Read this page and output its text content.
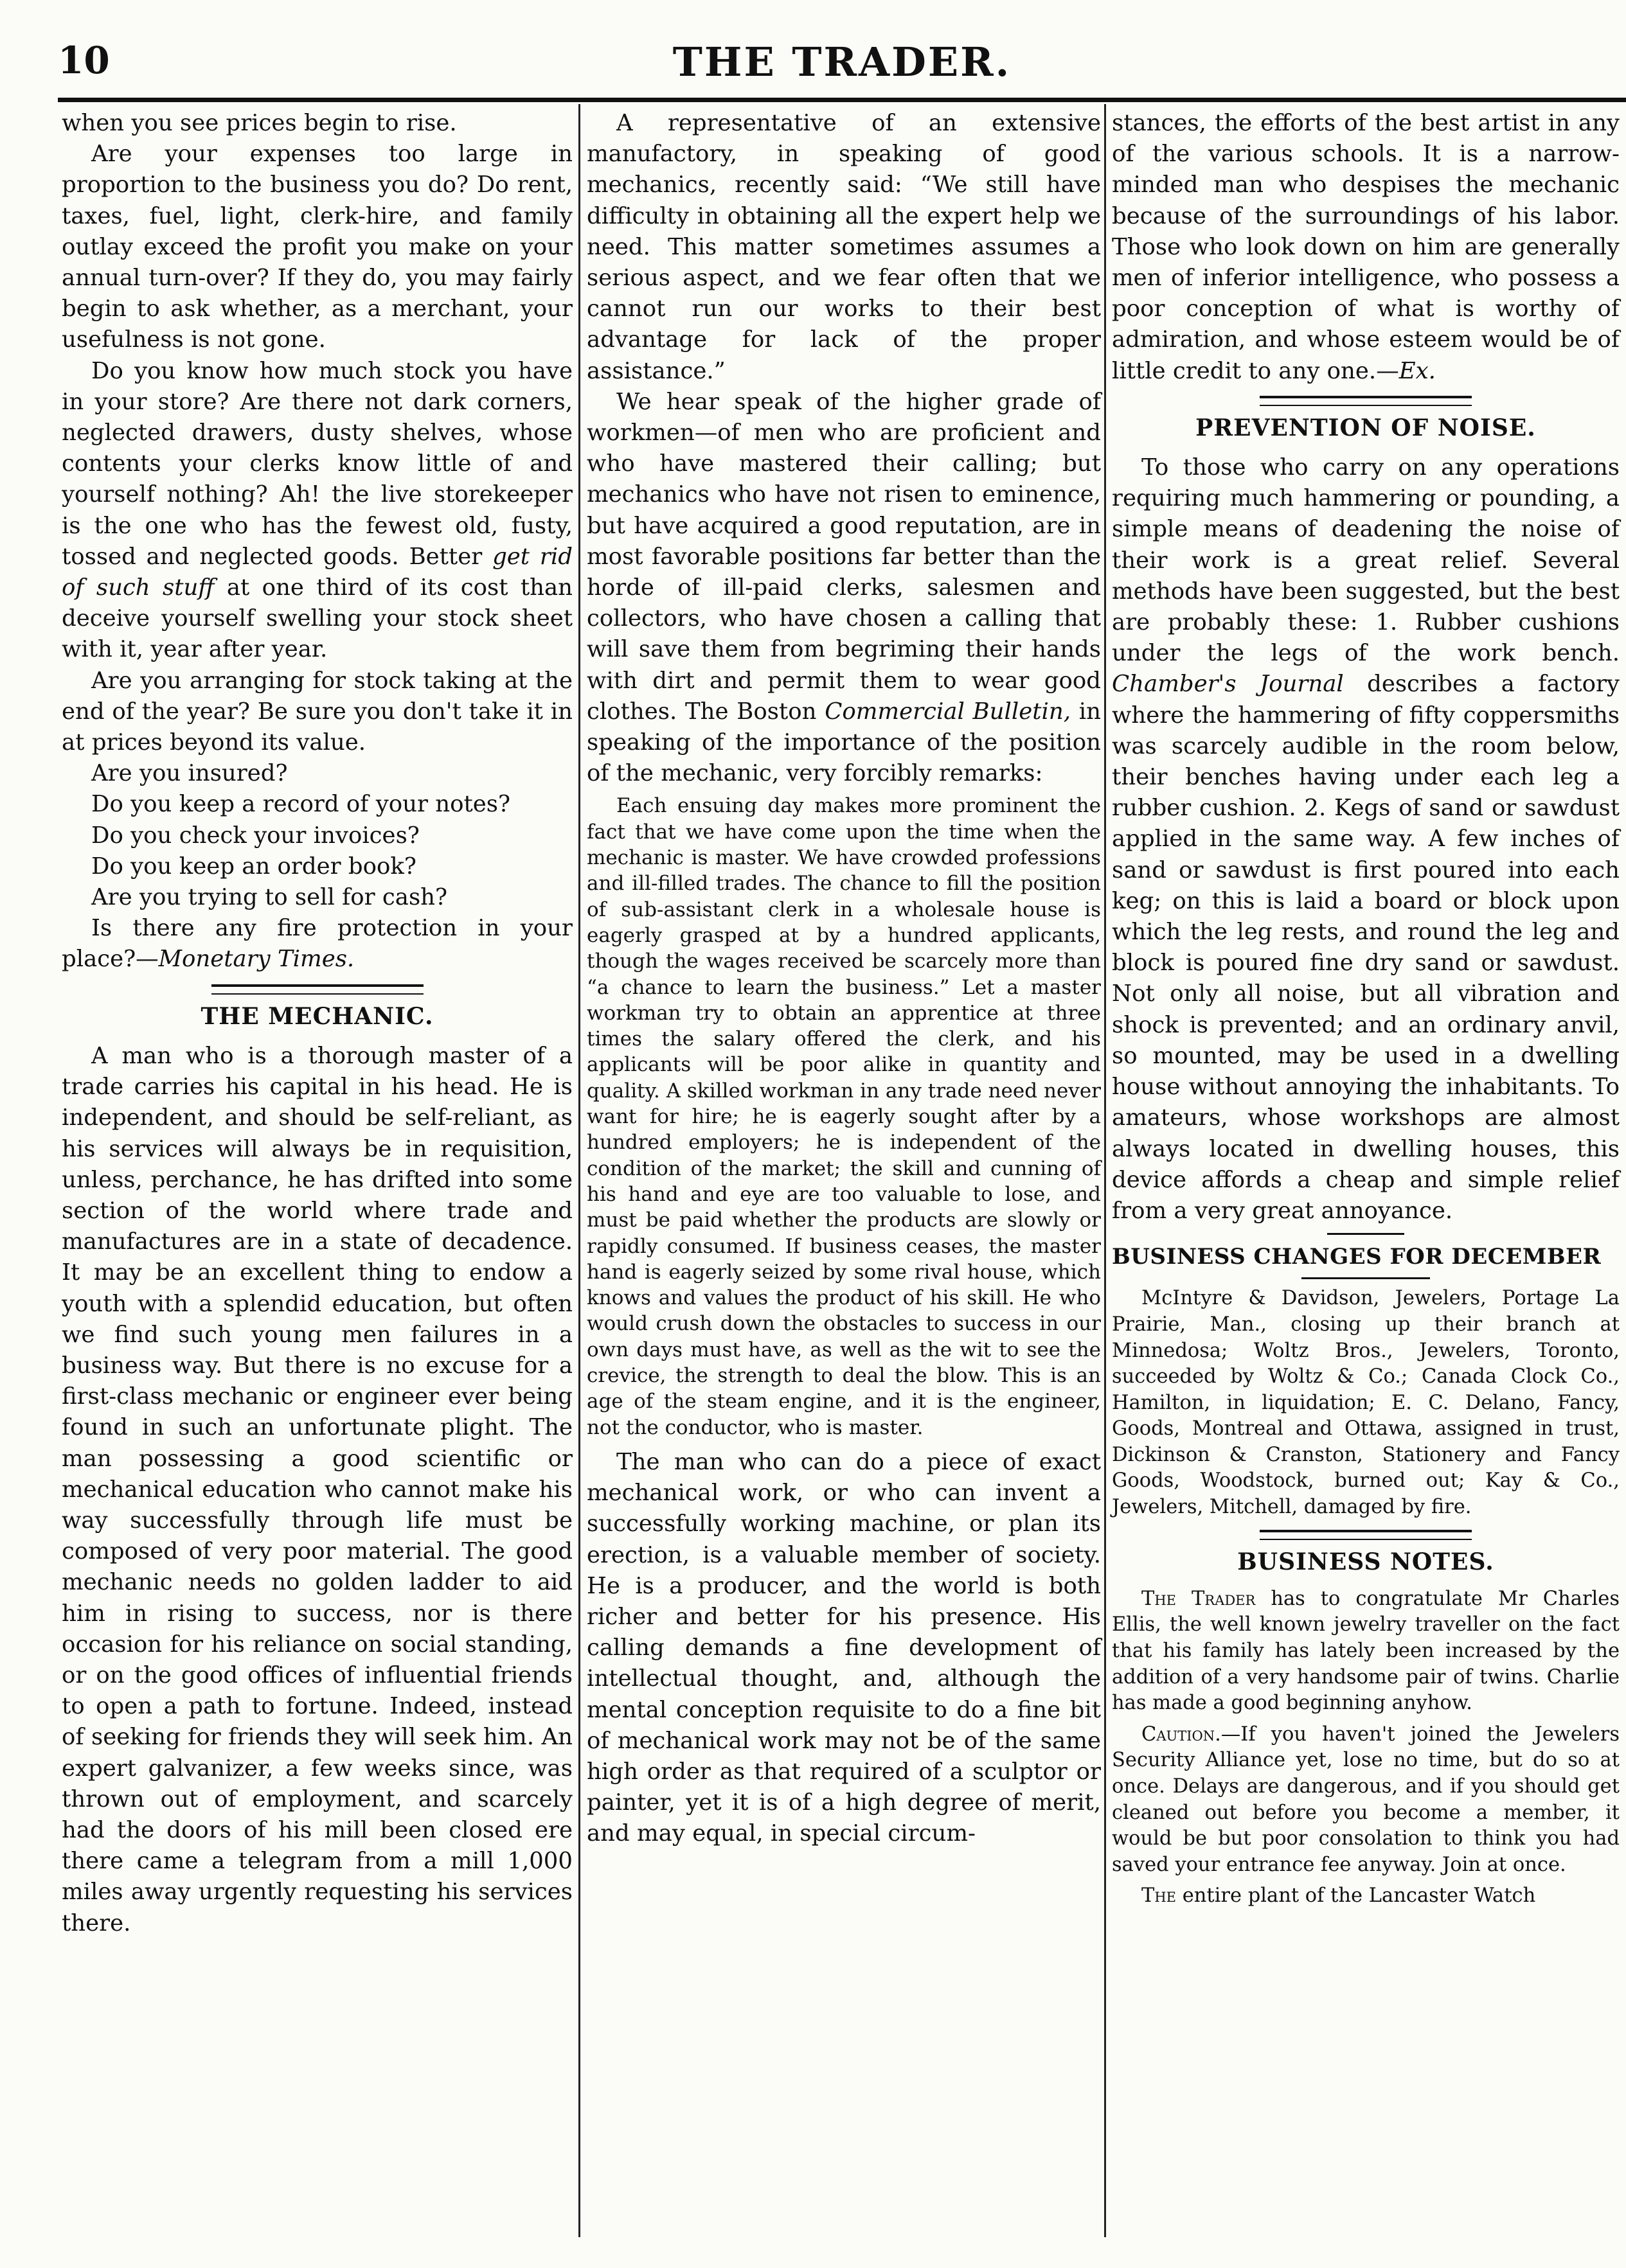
10	THE TRADER.

when you see prices begin to rise.

Are your expenses too large in proportion to the business you do? Do rent, taxes, fuel, light, clerk-hire, and family outlay exceed the profit you make on your annual turn-over? If they do, you may fairly begin to ask whether, as a merchant, your usefulness is not gone.

Do you know how much stock you have in your store? Are there not dark corners, neglected drawers, dusty shelves, whose contents your clerks know little of and yourself nothing? Ah! the live storekeeper is the one who has the fewest old, fusty, tossed and neglected goods. Better get rid of such stuff at one third of its cost than deceive yourself swelling your stock sheet with it, year after year.

Are you arranging for stock taking at the end of the year? Be sure you don't take it in at prices beyond its value.

Are you insured?

Do you keep a record of your notes?

Do you check your invoices?

Do you keep an order book?

Are you trying to sell for cash?

Is there any fire protection in your place?—Monetary Times.

THE MECHANIC.

A man who is a thorough master of a trade carries his capital in his head. He is independent, and should be self-reliant, as his services will always be in requisition, unless, perchance, he has drifted into some section of the world where trade and manufactures are in a state of decadence. It may be an excellent thing to endow a youth with a splendid education, but often we find such young men failures in a business way. But there is no excuse for a first-class mechanic or engineer ever being found in such an unfortunate plight. The man possessing a good scientific or mechanical education who cannot make his way successfully through life must be composed of very poor material. The good mechanic needs no golden ladder to aid him in rising to success, nor is there occasion for his reliance on social standing, or on the good offices of influential friends to open a path to fortune. Indeed, instead of seeking for friends they will seek him. An expert galvanizer, a few weeks since, was thrown out of employment, and scarcely had the doors of his mill been closed ere there came a telegram from a mill 1,000 miles away urgently requesting his services there.

A representative of an extensive manufactory, in speaking of good mechanics, recently said: “We still have difficulty in obtaining all the expert help we need. This matter sometimes assumes a serious aspect, and we fear often that we cannot run our works to their best advantage for lack of the proper assistance.”

We hear speak of the higher grade of workmen—of men who are proficient and who have mastered their calling; but mechanics who have not risen to eminence, but have acquired a good reputation, are in most favorable positions far better than the horde of ill-paid clerks, salesmen and collectors, who have chosen a calling that will save them from begriming their hands with dirt and permit them to wear good clothes. The Boston Commercial Bulletin, in speaking of the importance of the position of the mechanic, very forcibly remarks:

Each ensuing day makes more prominent the fact that we have come upon the time when the mechanic is master. We have crowded professions and ill-filled trades. The chance to fill the position of sub-assistant clerk in a wholesale house is eagerly grasped at by a hundred applicants, though the wages received be scarcely more than “a chance to learn the business.” Let a master workman try to obtain an apprentice at three times the salary offered the clerk, and his applicants will be poor alike in quantity and quality. A skilled workman in any trade need never want for hire; he is eagerly sought after by a hundred employers; he is independent of the condition of the market; the skill and cunning of his hand and eye are too valuable to lose, and must be paid whether the products are slowly or rapidly consumed. If business ceases, the master hand is eagerly seized by some rival house, which knows and values the product of his skill. He who would crush down the obstacles to success in our own days must have, as well as the wit to see the crevice, the strength to deal the blow. This is an age of the steam engine, and it is the engineer, not the conductor, who is master.

The man who can do a piece of exact mechanical work, or who can invent a successfully working machine, or plan its erection, is a valuable member of society. He is a producer, and the world is both richer and better for his presence. His calling demands a fine development of intellectual thought, and, although the mental conception requisite to do a fine bit of mechanical work may not be of the same high order as that required of a sculptor or painter, yet it is of a high degree of merit, and may equal, in special circum-

stances, the efforts of the best artist in any of the various schools. It is a narrow-minded man who despises the mechanic because of the surroundings of his labor. Those who look down on him are generally men of inferior intelligence, who possess a poor conception of what is worthy of admiration, and whose esteem would be of little credit to any one.—Ex.

PREVENTION OF NOISE.

To those who carry on any operations requiring much hammering or pounding, a simple means of deadening the noise of their work is a great relief. Several methods have been suggested, but the best are probably these: 1. Rubber cushions under the legs of the work bench. Chamber's Journal describes a factory where the hammering of fifty coppersmiths was scarcely audible in the room below, their benches having under each leg a rubber cushion. 2. Kegs of sand or sawdust applied in the same way. A few inches of sand or sawdust is first poured into each keg; on this is laid a board or block upon which the leg rests, and round the leg and block is poured fine dry sand or sawdust. Not only all noise, but all vibration and shock is prevented; and an ordinary anvil, so mounted, may be used in a dwelling house without annoying the inhabitants. To amateurs, whose workshops are almost always located in dwelling houses, this device affords a cheap and simple relief from a very great annoyance.

BUSINESS CHANGES FOR DECEMBER

McIntyre & Davidson, Jewelers, Portage La Prairie, Man., closing up their branch at Minnedosa; Woltz Bros., Jewelers, Toronto, succeeded by Woltz & Co.; Canada Clock Co., Hamilton, in liquidation; E. C. Delano, Fancy, Goods, Montreal and Ottawa, assigned in trust, Dickinson & Cranston, Stationery and Fancy Goods, Woodstock, burned out; Kay & Co., Jewelers, Mitchell, damaged by fire.

BUSINESS NOTES.

The Trader has to congratulate Mr Charles Ellis, the well known jewelry traveller on the fact that his family has lately been increased by the addition of a very handsome pair of twins. Charlie has made a good beginning anyhow.

Caution.—If you haven't joined the Jewelers Security Alliance yet, lose no time, but do so at once. Delays are dangerous, and if you should get cleaned out before you become a member, it would be but poor consolation to think you had saved your entrance fee anyway. Join at once.

The entire plant of the Lancaster Watch
